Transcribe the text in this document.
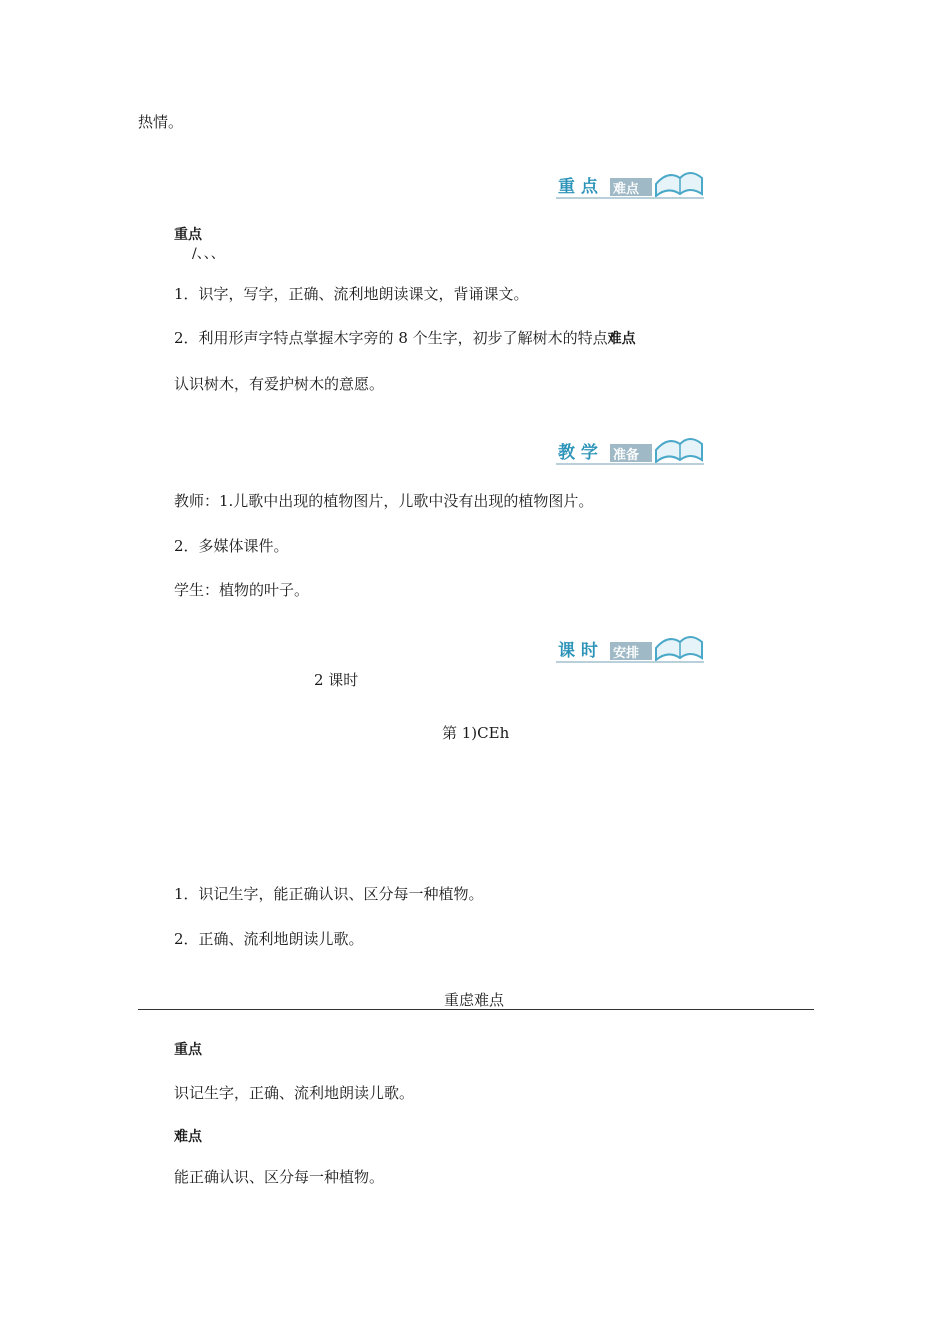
热情。
重 点 难点
重点
/、、、
1．识字，写字，正确、流利地朗读课文，背诵课文。
2．利用形声字特点掌握木字旁的 8 个生字，初步了解树木的特点难点
认识树木，有爱护树木的意愿。
教 学 准备
教师：1.儿歌中出现的植物图片，儿歌中没有出现的植物图片。
2．多媒体课件。
学生：植物的叶子。
课 时 安排
2 课时
第 1)CEh
1．识记生字，能正确认识、区分每一种植物。
2．正确、流利地朗读儿歌。
重虑难点
重点
识记生字，正确、流利地朗读儿歌。
难点
能正确认识、区分每一种植物。
